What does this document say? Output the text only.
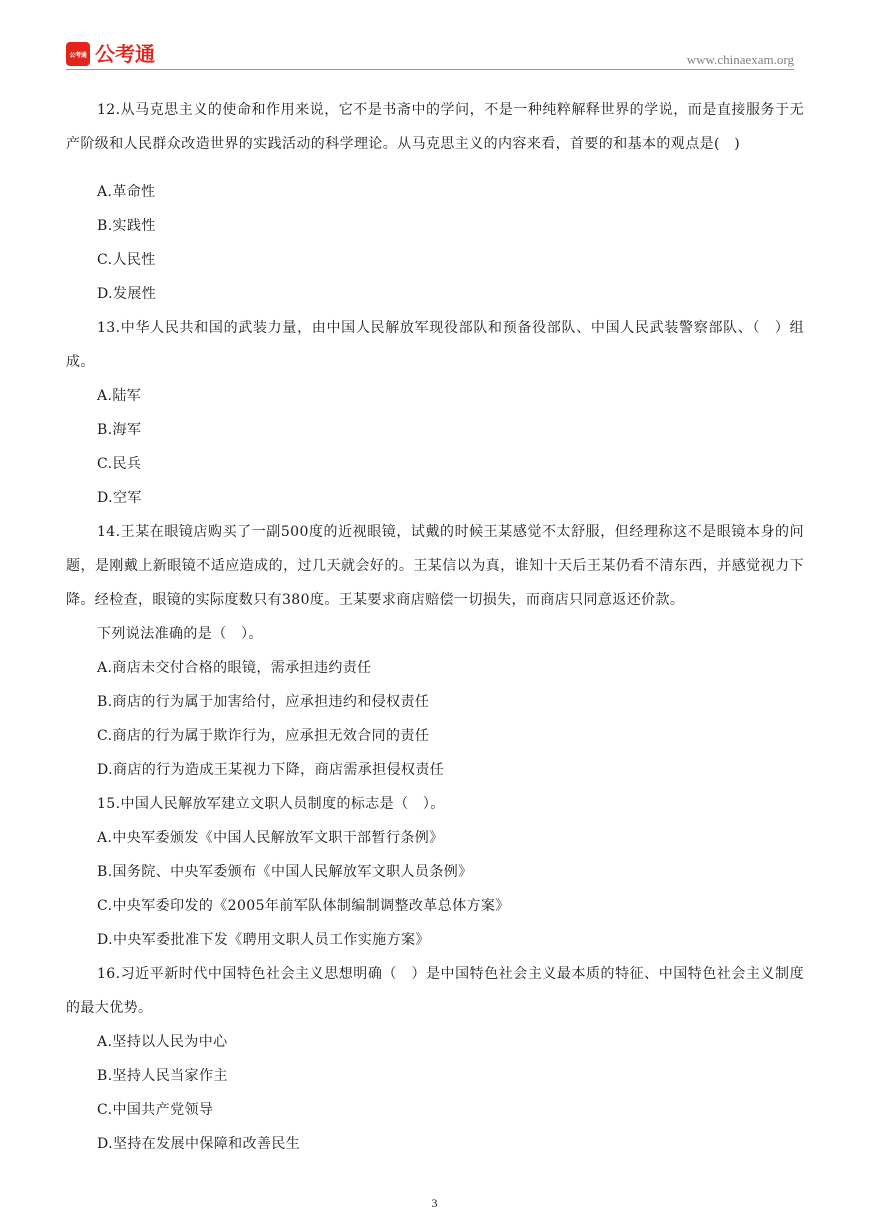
公考通 公考通	www.chinaexam.org

12.从马克思主义的使命和作用来说，它不是书斋中的学问，不是一种纯粹解释世界的学说，而是直接服务于无产阶级和人民群众改造世界的实践活动的科学理论。从马克思主义的内容来看，首要的和基本的观点是(　)

A.革命性

B.实践性

C.人民性

D.发展性

13.中华人民共和国的武装力量，由中国人民解放军现役部队和预备役部队、中国人民武装警察部队、（　）组成。

A.陆军

B.海军

C.民兵

D.空军

14.王某在眼镜店购买了一副500度的近视眼镜，试戴的时候王某感觉不太舒服，但经理称这不是眼镜本身的问题，是刚戴上新眼镜不适应造成的，过几天就会好的。王某信以为真，谁知十天后王某仍看不清东西，并感觉视力下降。经检查，眼镜的实际度数只有380度。王某要求商店赔偿一切损失，而商店只同意返还价款。

下列说法准确的是（　）。

A.商店未交付合格的眼镜，需承担违约责任

B.商店的行为属于加害给付，应承担违约和侵权责任

C.商店的行为属于欺诈行为，应承担无效合同的责任

D.商店的行为造成王某视力下降，商店需承担侵权责任

15.中国人民解放军建立文职人员制度的标志是（　）。

A.中央军委颁发《中国人民解放军文职干部暂行条例》

B.国务院、中央军委颁布《中国人民解放军文职人员条例》

C.中央军委印发的《2005年前军队体制编制调整改革总体方案》

D.中央军委批准下发《聘用文职人员工作实施方案》

16.习近平新时代中国特色社会主义思想明确（　）是中国特色社会主义最本质的特征、中国特色社会主义制度的最大优势。

A.坚持以人民为中心

B.坚持人民当家作主

C.中国共产党领导

D.坚持在发展中保障和改善民生

3
